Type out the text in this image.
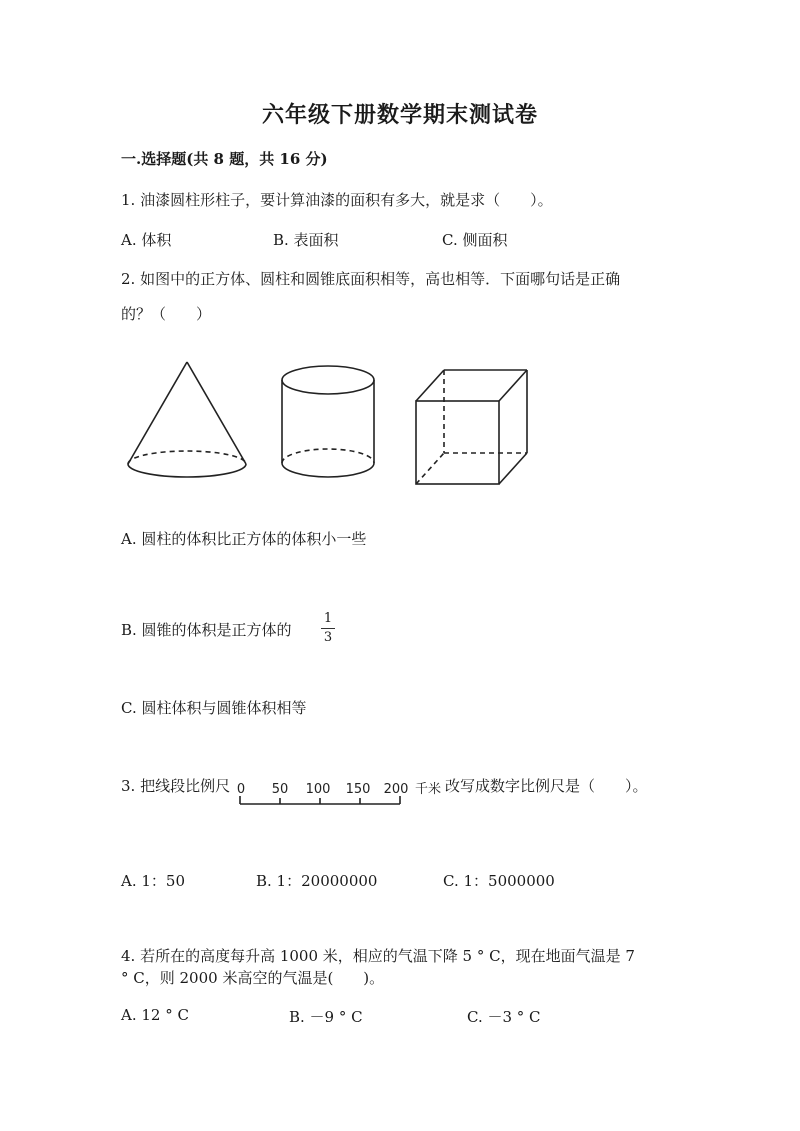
六年级下册数学期末测试卷
一.选择题(共 8 题，共 16 分)
1. 油漆圆柱形柱子，要计算油漆的面积有多大，就是求（　　）。
A. 体积	B. 表面积	C. 侧面积
2. 如图中的正方体、圆柱和圆锥底面积相等，高也相等．下面哪句话是正确
的？（　　）
0 50 100 150 200 千米
A. 圆柱的体积比正方体的体积小一些
B. 圆锥的体积是正方体的
1
3
C. 圆柱体积与圆锥体积相等
3. 把线段比例尺	改写成数字比例尺是（　　）。
A. 1：50	B. 1：20000000	C. 1：5000000
4. 若所在的高度每升高 1000 米，相应的气温下降 5 ° C，现在地面气温是 7
° C，则 2000 米高空的气温是(　　)。
A. 12 ° C	B. －9 ° C	C. －3 ° C
